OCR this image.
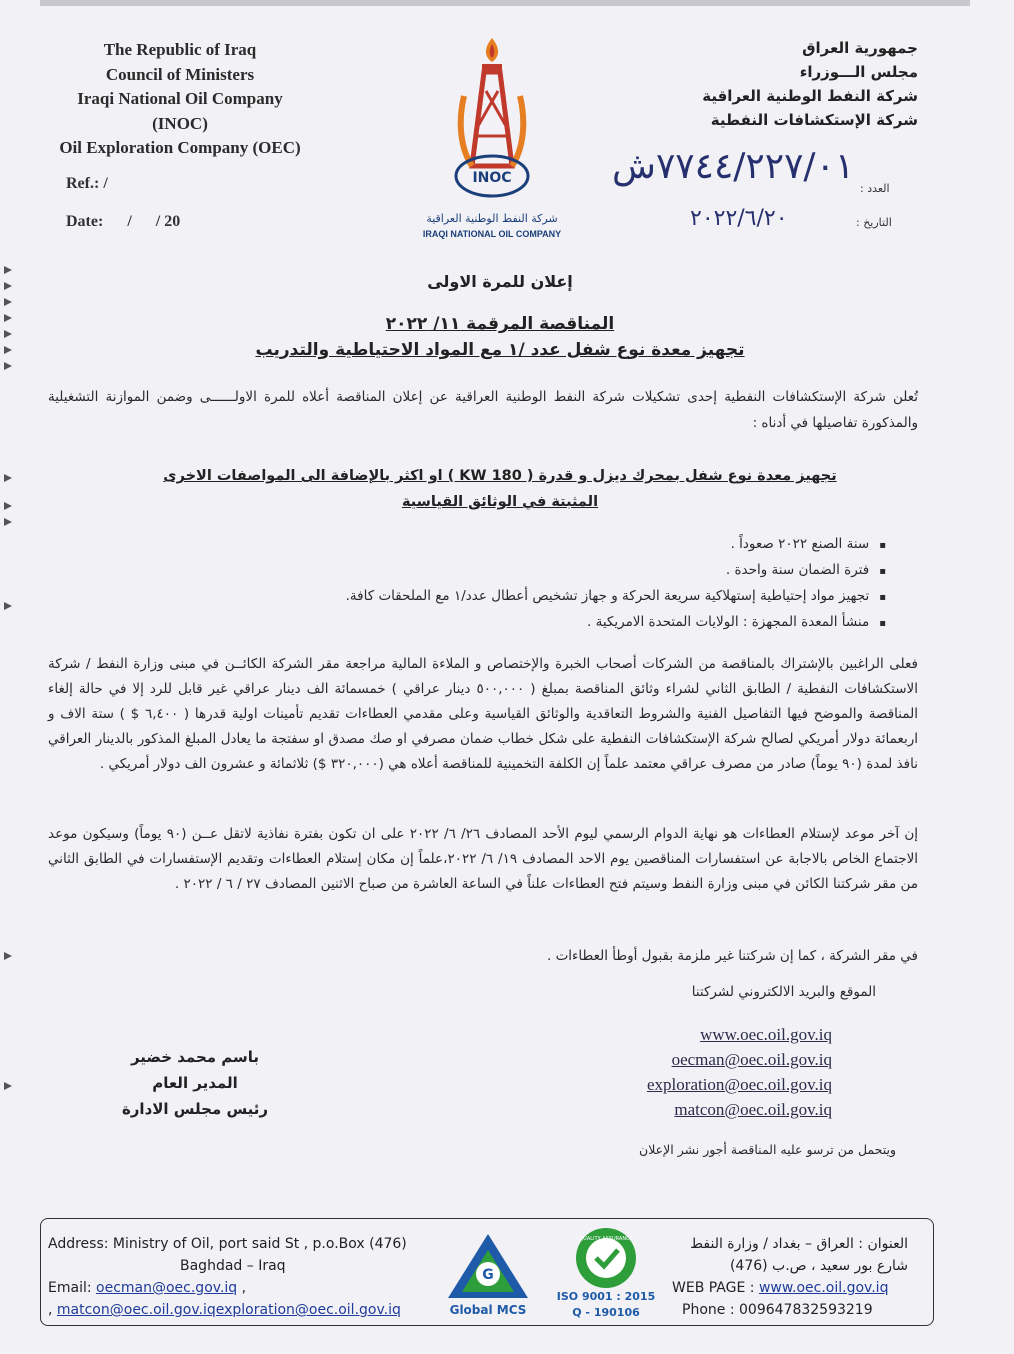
The Republic of Iraq
Council of Ministers
Iraqi National Oil Company
(INOC)
Oil Exploration Company (OEC)
Ref.: /
Date:      /      / 20
INOC
شركة النفط الوطنية العراقية
IRAQI NATIONAL OIL COMPANY
جمهورية العراق
مجلس الـــوزراء
شركة النفط الوطنية العراقية
شركة الإستكشافات النفطية
٧٧٤٤/٢٢٧/٠١ش
العدد :
٢٠٢٢/٦/٢٠	التاريخ :
إعلان للمرة الاولى
المناقصة المرقمة ١١/ ٢٠٢٢
تجهيز معدة نوع شفل عدد /١ مع المواد الاحتياطية والتدريب
تُعلن شركة الإستكشافات النفطية إحدى تشكيلات شركة النفط الوطنية العراقية عن إعلان المناقصة أعلاه للمرة الاولــــــى وضمن الموازنة التشغيلية والمذكورة تفاصيلها في أدناه :
تجهيز معدة نوع شفل بمحرك ديزل و قدرة ( 180 KW ) او اكثر بالإضافة الى المواصفات الاخرى
المثبتة في الوثائق القياسية
▪ سنة الصنع ٢٠٢٢ صعوداً .
▪ فترة الضمان سنة واحدة .
▪ تجهيز مواد إحتياطية إستهلاكية سريعة الحركة و جهاز تشخيص أعطال عدد/١ مع الملحقات كافة.
▪ منشأ المعدة المجهزة : الولايات المتحدة الامريكية .
فعلى الراغبين بالإشتراك بالمناقصة من الشركات أصحاب الخبرة والإختصاص و الملاءة المالية مراجعة مقر الشركة الكائــن في مبنى وزارة النفط / شركة الاستكشافات النفطية / الطابق الثاني لشراء وثائق المناقصة بمبلغ ( ٥٠٠,٠٠٠ دينار عراقي ) خمسمائة الف دينار عراقي غير قابل للرد إلا في حالة إلغاء المناقصة والموضح فيها التفاصيل الفنية والشروط التعاقدية والوثائق القياسية وعلى مقدمي العطاءات تقديم تأمينات اولية قدرها ( ٦,٤٠٠ $ ) ستة الاف و اربعمائة دولار أمريكي لصالح شركة الإستكشافات النفطية على شكل خطاب ضمان مصرفي او صك مصدق او سفتجة ما يعادل المبلغ المذكور بالدينار العراقي نافذ لمدة (٩٠ يوماً) صادر من مصرف عراقي معتمد علماً إن الكلفة التخمينية للمناقصة أعلاه هي (٣٢٠,٠٠٠ $) ثلاثمائة و عشرون الف دولار أمريكي .
إن آخر موعد لإستلام العطاءات هو نهاية الدوام الرسمي ليوم الأحد المصادف ٢٦/ ٦/ ٢٠٢٢ على ان تكون بفترة نفاذية لاتقل عــن (٩٠ يوماً) وسيكون موعد الاجتماع الخاص بالاجابة عن استفسارات المناقصين يوم الاحد المصادف ١٩/ ٦/ ٢٠٢٢،علماً إن مكان إستلام العطاءات وتقديم الإستفسارات في الطابق الثاني من مقر شركتنا الكائن في مبنى وزارة النفط وسيتم فتح العطاءات علناً في الساعة العاشرة من صباح الاثنين المصادف ٢٧ / ٦ / ٢٠٢٢ .
في مقر الشركة ، كما إن شركتنا غير ملزمة بقبول أوطأ العطاءات .
الموقع والبريد الالكتروني لشركتنا
www.oec.oil.gov.iq
oecman@oec.oil.gov.iq
exploration@oec.oil.gov.iq
matcon@oec.oil.gov.iq
باسم محمد خضير
المدير العام
رئيس مجلس الادارة
ويتحمل من ترسو عليه المناقصة أجور نشر الإعلان
Address: Ministry of Oil, port said St , p.o.Box (476)
Baghdad – Iraq
Email: oecman@oec.gov.iq ,
, matcon@oec.oil.gov.iqexploration@oec.oil.gov.iq
G
Global MCS
QUALITY ASSURANCE
ISO 9001 : 2015
Q - 190106
العنوان : العراق – بغداد / وزارة النفط
شارع بور سعيد ، ص.ب (476)
WEB PAGE : www.oec.oil.gov.iq
Phone : 009647832593219
